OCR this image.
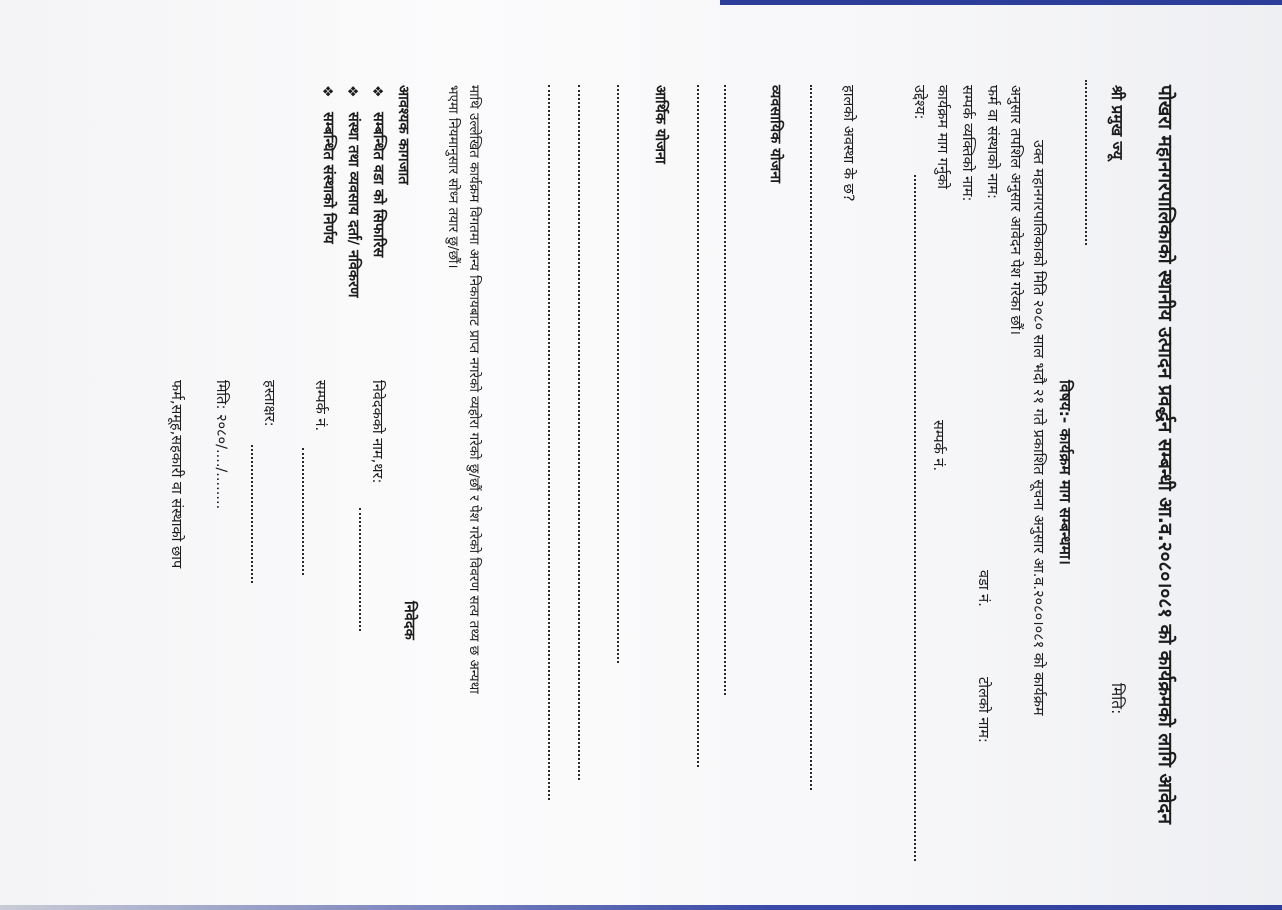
पोखरा महानगरपालिकाको स्थानीय उत्पादन प्रवर्द्धन सम्बन्धी आ.व.२०८०।०८१ को कार्यक्रमको लागि आवेदन
श्री प्रमुख ज्यू
मिति:
विषय:- कार्यक्रम माग सम्बन्धमा।
उक्त महानगरपालिकाको मिति २०८० साल भदौ २१ गते प्रकाशित सूचना अनुसार आ.व.२०८०।०८१ को कार्यक्रम
अनुसार तपशिल अनुसार आवेदन पेश गरेका छौं।
फर्म वा संस्थाको नाम:
वडा नं.
टोलको नाम:
सम्पर्क व्यक्तिको नाम:
सम्पर्क नं.
कार्यक्रम माग गर्नुको
उद्देश्य:
हालको अवस्था के छ?
व्यवसायिक योजना
आर्थिक योजना
माथि उल्लेखित कार्यक्रम विगतमा अन्य निकायबाट प्राप्त नगरेको व्यहोरा गरेको छु/छौं र पेश गरेको विवरण सत्य तथ्य छ अन्यथा
भएमा नियमानुसार सोध्न तयार छु/छौं।
निवेदक
निवेदकको नाम,थर:
सम्पर्क नं.
हस्ताक्षर:
मिति: २०८०/..../........
फर्म,समूह,सहकारी वा संस्थाको छाप
आवश्यक कागजात
❖
सम्बन्धित वडा को सिफारिस
❖
संस्था तथा व्यवसाय दर्ता/ नविकरण
❖
सम्बन्धित संस्थाको निर्णय
